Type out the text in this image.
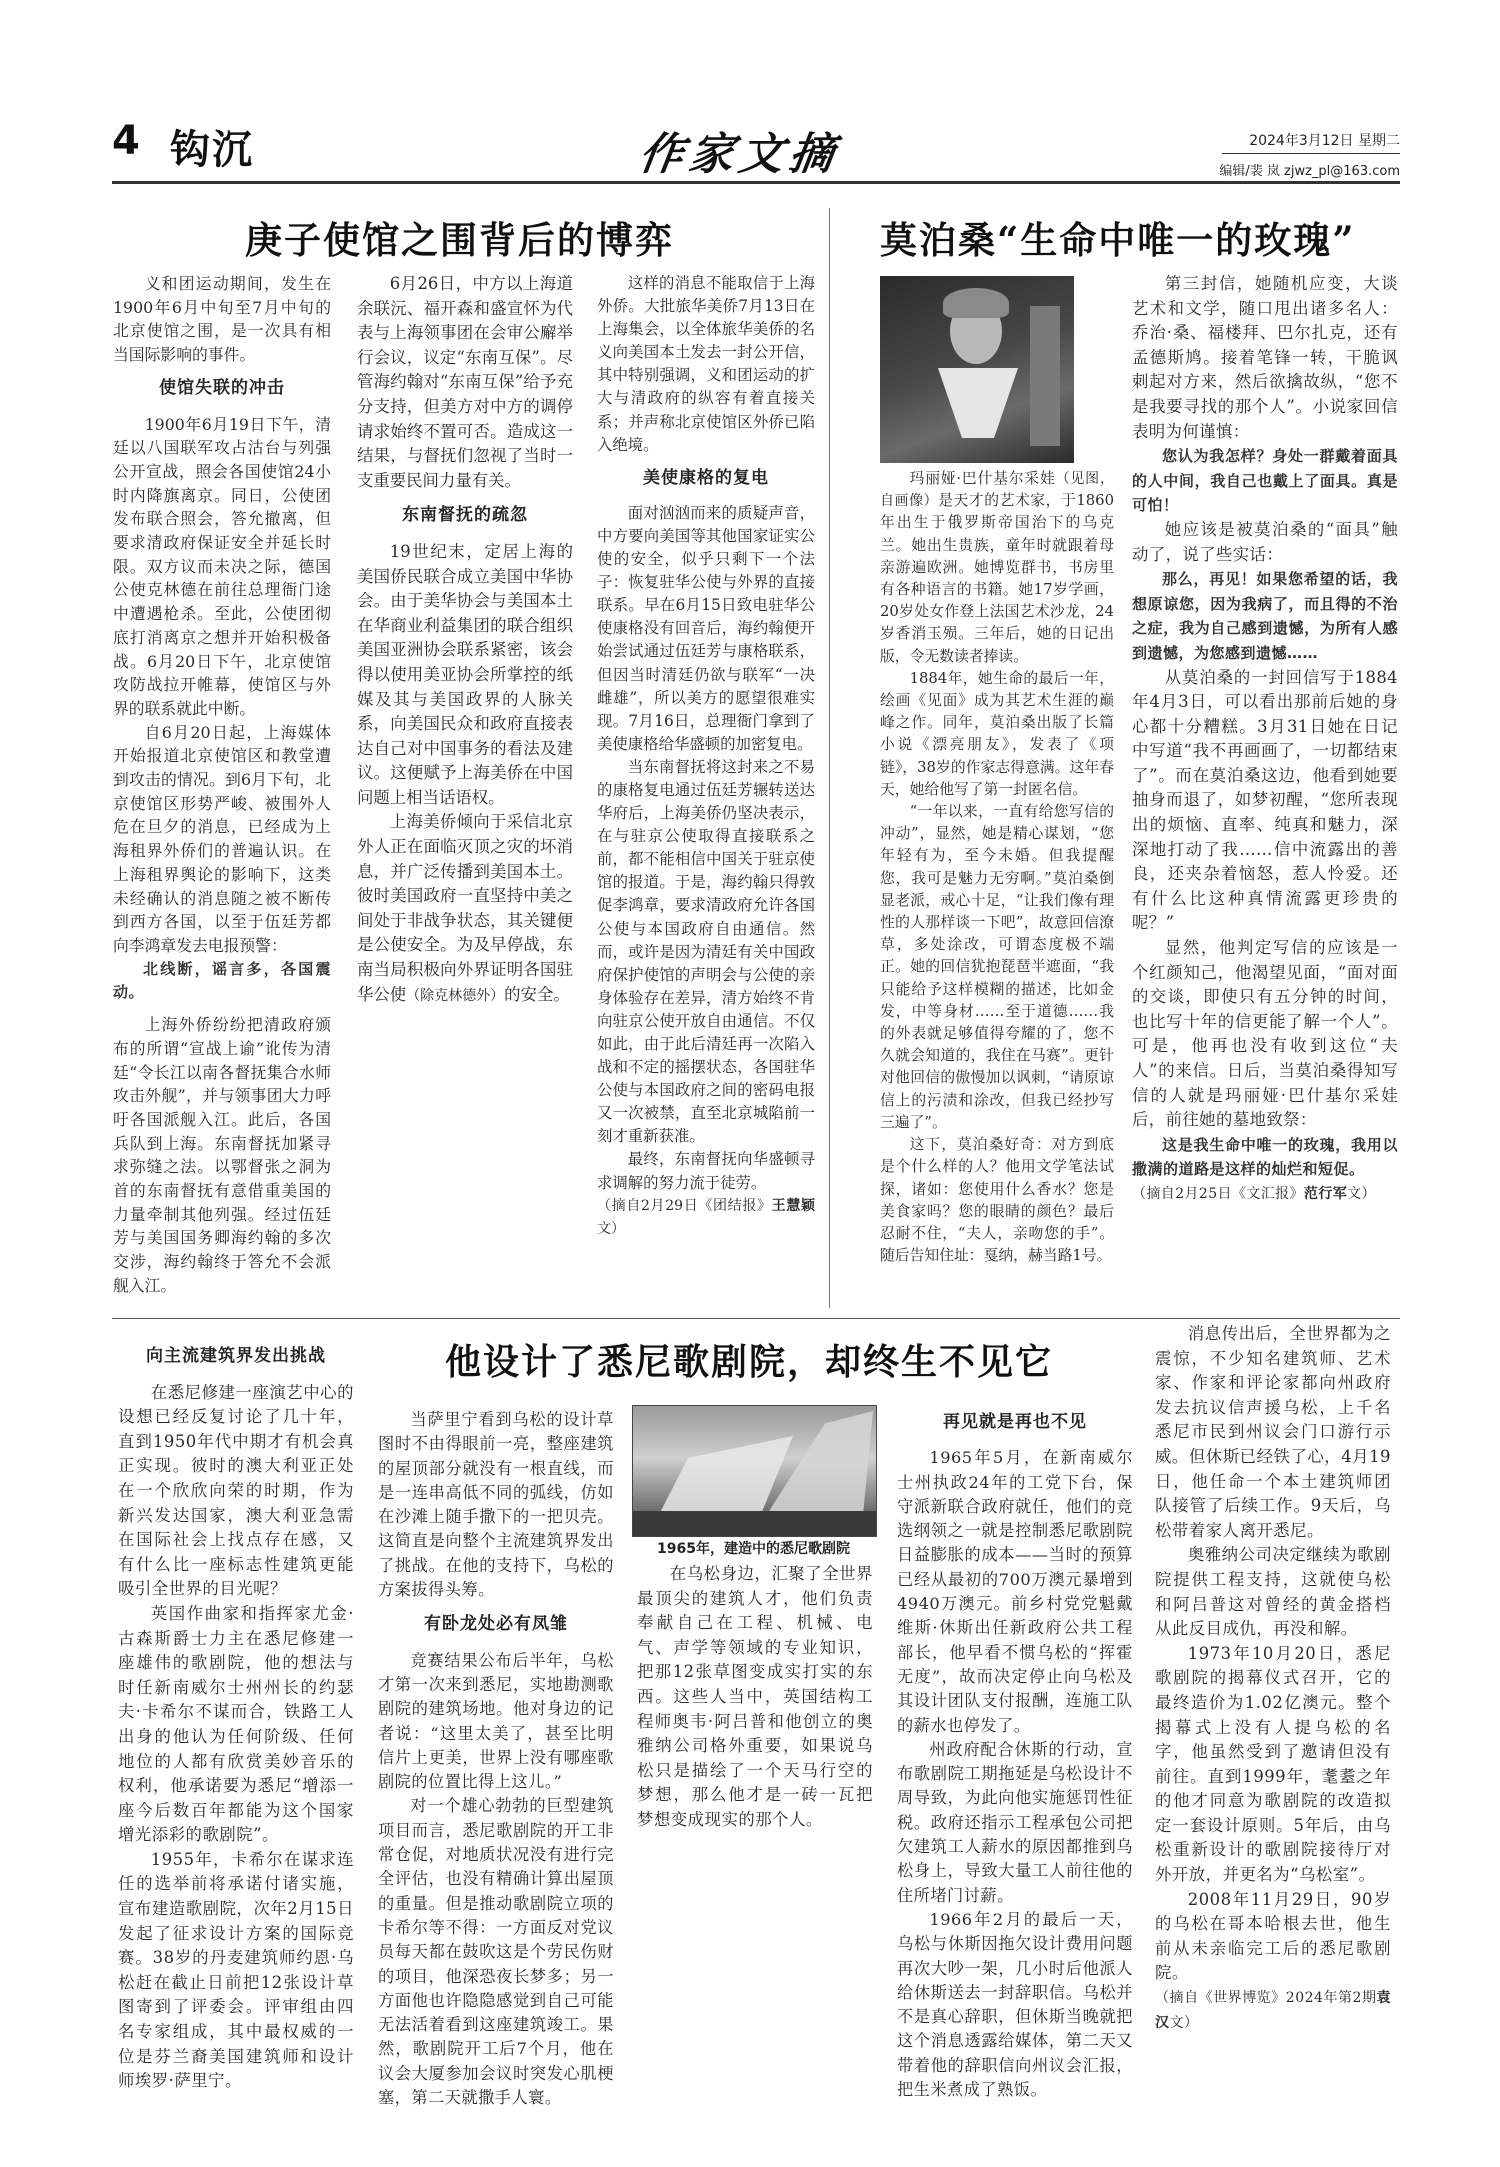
4 钩沉	作家文摘	2024年3月12日 星期二
编辑/裴 岚 zjwz_pl@163.com
庚子使馆之围背后的博弈

义和团运动期间，发生在1900年6月中旬至7月中旬的北京使馆之围，是一次具有相当国际影响的事件。

使馆失联的冲击

1900年6月19日下午，清廷以八国联军攻占沽台与列强公开宣战，照会各国使馆24小时内降旗离京。同日，公使团发布联合照会，答允撤离，但要求清政府保证安全并延长时限。双方议而未决之际，德国公使克林德在前往总理衙门途中遭遇枪杀。至此，公使团彻底打消离京之想并开始积极备战。6月20日下午，北京使馆攻防战拉开帷幕，使馆区与外界的联系就此中断。

自6月20日起，上海媒体开始报道北京使馆区和教堂遭到攻击的情况。到6月下旬，北京使馆区形势严峻、被围外人危在旦夕的消息，已经成为上海租界外侨们的普遍认识。在上海租界舆论的影响下，这类未经确认的消息随之被不断传到西方各国，以至于伍廷芳都向李鸿章发去电报预警：

北线断，谣言多，各国震动。

上海外侨纷纷把清政府颁布的所谓“宣战上谕”讹传为清廷“令长江以南各督抚集合水师攻击外舰”，并与领事团大力呼吁各国派舰入江。此后，各国兵队到上海。东南督抚加紧寻求弥缝之法。以鄂督张之洞为首的东南督抚有意借重美国的力量牵制其他列强。经过伍廷芳与美国国务卿海约翰的多次交涉，海约翰终于答允不会派舰入江。

6月26日，中方以上海道余联沅、福开森和盛宣怀为代表与上海领事团在会审公廨举行会议，议定“东南互保”。尽管海约翰对“东南互保”给予充分支持，但美方对中方的调停请求始终不置可否。造成这一结果，与督抚们忽视了当时一支重要民间力量有关。

东南督抚的疏忽

19世纪末，定居上海的美国侨民联合成立美国中华协会。由于美华协会与美国本土在华商业利益集团的联合组织美国亚洲协会联系紧密，该会得以使用美亚协会所掌控的纸媒及其与美国政界的人脉关系，向美国民众和政府直接表达自己对中国事务的看法及建议。这便赋予上海美侨在中国问题上相当话语权。

上海美侨倾向于采信北京外人正在面临灭顶之灾的坏消息，并广泛传播到美国本土。彼时美国政府一直坚持中美之间处于非战争状态，其关键便是公使安全。为及早停战，东南当局积极向外界证明各国驻华公使（除克林德外）的安全。

这样的消息不能取信于上海外侨。大批旅华美侨7月13日在上海集会，以全体旅华美侨的名义向美国本土发去一封公开信，其中特别强调，义和团运动的扩大与清政府的纵容有着直接关系；并声称北京使馆区外侨已陷入绝境。

美使康格的复电

面对汹汹而来的质疑声音，中方要向美国等其他国家证实公使的安全，似乎只剩下一个法子：恢复驻华公使与外界的直接联系。早在6月15日致电驻华公使康格没有回音后，海约翰便开始尝试通过伍廷芳与康格联系，但因当时清廷仍欲与联军“一决雌雄”，所以美方的愿望很难实现。7月16日，总理衙门拿到了美使康格给华盛顿的加密复电。

当东南督抚将这封来之不易的康格复电通过伍廷芳辗转送达华府后，上海美侨仍坚决表示，在与驻京公使取得直接联系之前，都不能相信中国关于驻京使馆的报道。于是，海约翰只得敦促李鸿章，要求清政府允许各国公使与本国政府自由通信。然而，或许是因为清廷有关中国政府保护使馆的声明会与公使的亲身体验存在差异，清方始终不肯向驻京公使开放自由通信。不仅如此，由于此后清廷再一次陷入战和不定的摇摆状态，各国驻华公使与本国政府之间的密码电报又一次被禁，直至北京城陷前一刻才重新获准。

最终，东南督抚向华盛顿寻求调解的努力流于徒劳。

（摘自2月29日《团结报》王慧颖文）

莫泊桑“生命中唯一的玫瑰”

玛丽娅·巴什基尔采娃（见图，自画像）是天才的艺术家，于1860年出生于俄罗斯帝国治下的乌克兰。她出生贵族，童年时就跟着母亲游遍欧洲。她博览群书，书房里有各种语言的书籍。她17岁学画，20岁处女作登上法国艺术沙龙，24岁香消玉殒。三年后，她的日记出版，令无数读者捧读。

1884年，她生命的最后一年，绘画《见面》成为其艺术生涯的巅峰之作。同年，莫泊桑出版了长篇小说《漂亮朋友》，发表了《项链》，38岁的作家志得意满。这年春天，她给他写了第一封匿名信。

“一年以来，一直有给您写信的冲动”，显然，她是精心谋划，“您年轻有为，至今未婚。但我提醒您，我可是魅力无穷啊。”莫泊桑倒显老派，戒心十足，“让我们像有理性的人那样谈一下吧”，故意回信潦草，多处涂改，可谓态度极不端正。她的回信犹抱琵琶半遮面，“我只能给予这样模糊的描述，比如金发，中等身材……至于道德……我的外表就足够值得夸耀的了，您不久就会知道的，我住在马赛”。更针对他回信的傲慢加以讽刺，“请原谅信上的污渍和涂改，但我已经抄写三遍了”。

这下，莫泊桑好奇：对方到底是个什么样的人？他用文学笔法试探，诸如：您使用什么香水？您是美食家吗？您的眼睛的颜色？最后忍耐不住，“夫人，亲吻您的手”。随后告知住址：戛纳，赫当路1号。

第三封信，她随机应变，大谈艺术和文学，随口甩出诸多名人：乔治·桑、福楼拜、巴尔扎克，还有孟德斯鸠。接着笔锋一转，干脆讽刺起对方来，然后欲擒故纵，“您不是我要寻找的那个人”。小说家回信表明为何谨慎：

您认为我怎样？身处一群戴着面具的人中间，我自己也戴上了面具。真是可怕！

她应该是被莫泊桑的“面具”触动了，说了些实话：

那么，再见！如果您希望的话，我想原谅您，因为我病了，而且得的不治之症，我为自己感到遗憾，为所有人感到遗憾，为您感到遗憾……

从莫泊桑的一封回信写于1884年4月3日，可以看出那前后她的身心都十分糟糕。3月31日她在日记中写道“我不再画画了，一切都结束了”。而在莫泊桑这边，他看到她要抽身而退了，如梦初醒，“您所表现出的烦恼、直率、纯真和魅力，深深地打动了我……信中流露出的善良，还夹杂着恼怒，惹人怜爱。还有什么比这种真情流露更珍贵的呢？”

显然，他判定写信的应该是一个红颜知己，他渴望见面，“面对面的交谈，即使只有五分钟的时间，也比写十年的信更能了解一个人”。可是，他再也没有收到这位“夫人”的来信。日后，当莫泊桑得知写信的人就是玛丽娅·巴什基尔采娃后，前往她的墓地致祭：

这是我生命中唯一的玫瑰，我用以撒满的道路是这样的灿烂和短促。

（摘自2月25日《文汇报》范行军文）

他设计了悉尼歌剧院，却终生不见它
向主流建筑界发出挑战

在悉尼修建一座演艺中心的设想已经反复讨论了几十年，直到1950年代中期才有机会真正实现。彼时的澳大利亚正处在一个欣欣向荣的时期，作为新兴发达国家，澳大利亚急需在国际社会上找点存在感，又有什么比一座标志性建筑更能吸引全世界的目光呢？

英国作曲家和指挥家尤金·古森斯爵士力主在悉尼修建一座雄伟的歌剧院，他的想法与时任新南威尔士州州长的约瑟夫·卡希尔不谋而合，铁路工人出身的他认为任何阶级、任何地位的人都有欣赏美妙音乐的权利，他承诺要为悉尼“增添一座今后数百年都能为这个国家增光添彩的歌剧院”。

1955年，卡希尔在谋求连任的选举前将承诺付诸实施，宣布建造歌剧院，次年2月15日发起了征求设计方案的国际竞赛。38岁的丹麦建筑师约恩·乌松赶在截止日前把12张设计草图寄到了评委会。评审组由四名专家组成，其中最权威的一位是芬兰裔美国建筑师和设计师埃罗·萨里宁。

当萨里宁看到乌松的设计草图时不由得眼前一亮，整座建筑的屋顶部分就没有一根直线，而是一连串高低不同的弧线，仿如在沙滩上随手撒下的一把贝壳。这简直是向整个主流建筑界发出了挑战。在他的支持下，乌松的方案拔得头筹。

有卧龙处必有凤雏

竞赛结果公布后半年，乌松才第一次来到悉尼，实地勘测歌剧院的建筑场地。他对身边的记者说：“这里太美了，甚至比明信片上更美，世界上没有哪座歌剧院的位置比得上这儿。”

对一个雄心勃勃的巨型建筑项目而言，悉尼歌剧院的开工非常仓促，对地质状况没有进行完全评估，也没有精确计算出屋顶的重量。但是推动歌剧院立项的卡希尔等不得：一方面反对党议员每天都在鼓吹这是个劳民伤财的项目，他深恐夜长梦多；另一方面他也许隐隐感觉到自己可能无法活着看到这座建筑竣工。果然，歌剧院开工后7个月，他在议会大厦参加会议时突发心肌梗塞，第二天就撒手人寰。

1965年，建造中的悉尼歌剧院

在乌松身边，汇聚了全世界最顶尖的建筑人才，他们负责奉献自己在工程、机械、电气、声学等领域的专业知识，把那12张草图变成实打实的东西。这些人当中，英国结构工程师奥韦·阿吕普和他创立的奥雅纳公司格外重要，如果说乌松只是描绘了一个天马行空的梦想，那么他才是一砖一瓦把梦想变成现实的那个人。

再见就是再也不见

1965年5月，在新南威尔士州执政24年的工党下台，保守派新联合政府就任，他们的竞选纲领之一就是控制悉尼歌剧院日益膨胀的成本——当时的预算已经从最初的700万澳元暴增到4940万澳元。前乡村党党魁戴维斯·休斯出任新政府公共工程部长，他早看不惯乌松的“挥霍无度”，故而决定停止向乌松及其设计团队支付报酬，连施工队的薪水也停发了。

州政府配合休斯的行动，宣布歌剧院工期拖延是乌松设计不周导致，为此向他实施惩罚性征税。政府还指示工程承包公司把欠建筑工人薪水的原因都推到乌松身上，导致大量工人前往他的住所堵门讨薪。

1966年2月的最后一天，乌松与休斯因拖欠设计费用问题再次大吵一架，几小时后他派人给休斯送去一封辞职信。乌松并不是真心辞职，但休斯当晚就把这个消息透露给媒体，第二天又带着他的辞职信向州议会汇报，把生米煮成了熟饭。

消息传出后，全世界都为之震惊，不少知名建筑师、艺术家、作家和评论家都向州政府发去抗议信声援乌松，上千名悉尼市民到州议会门口游行示威。但休斯已经铁了心，4月19日，他任命一个本土建筑师团队接管了后续工作。9天后，乌松带着家人离开悉尼。

奥雅纳公司决定继续为歌剧院提供工程支持，这就使乌松和阿吕普这对曾经的黄金搭档从此反目成仇，再没和解。

1973年10月20日，悉尼歌剧院的揭幕仪式召开，它的最终造价为1.02亿澳元。整个揭幕式上没有人提乌松的名字，他虽然受到了邀请但没有前往。直到1999年，耄耋之年的他才同意为歌剧院的改造拟定一套设计原则。5年后，由乌松重新设计的歌剧院接待厅对外开放，并更名为“乌松室”。

2008年11月29日，90岁的乌松在哥本哈根去世，他生前从未亲临完工后的悉尼歌剧院。

（摘自《世界博览》2024年第2期袁汉文）
